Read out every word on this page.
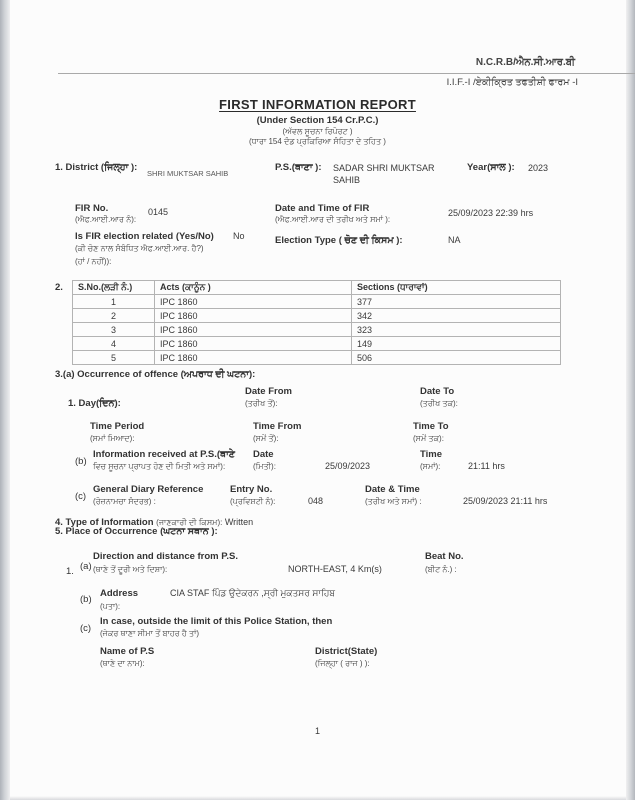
N.C.R.B/ਐਨ.ਸੀ.ਆਰ.ਬੀ
I.I.F.-I /ਏਕੀਕ੍ਰਿਤ ਤਫਤੀਸ਼ੀ ਫਾਰਮ -I
FIRST INFORMATION REPORT
(Under Section 154 Cr.P.C.)
(ਅੱਵਲ ਸੂਚਨਾ ਰਿਪੋਰਟ )
(ਧਾਰਾ 154 ਦੰਡ ਪ੍ਰਕਿਰਿਆ ਸੰਹਿਤਾ ਦੇ ਤਹਿਤ )
1. District (ਜਿਲ੍ਹਾ ):
SHRI MUKTSAR SAHIB
P.S.(ਥਾਣਾ ): SADAR SHRI MUKTSAR
SAHIB
Year(ਸਾਲ ): 2023
FIR No.
(ਐਫ.ਆਈ.ਆਰ ਨੰ):
0145	Date and Time of FIR
(ਐਫ.ਆਈ.ਆਰ ਦੀ ਤਰੀਖ ਅਤੇ ਸਮਾਂ ):
25/09/2023 22:39 hrs
Is FIR election related (Yes/No) No
(ਕੀ ਚੋਣ ਨਾਲ ਸੰਬੰਧਿਤ ਐਫ.ਆਈ.ਆਰ. ਹੈ?)
(ਹਾਂ / ਨਹੀਂ)):
Election Type ( ਚੋਣ ਦੀ ਕਿਸਮ ):	NA
2. S.No.(ਲੜੀ ਨੰ.)	Acts (ਕਾਨੂੰਨ )	Sections (ਧਾਰਾਵਾਂ)
1	IPC 1860	377
2	IPC 1860	342
3	IPC 1860	323
4	IPC 1860	149
5	IPC 1860	506
3.(a) Occurrence of offence (ਅਪਰਾਧ ਦੀ ਘਟਨਾ):
Date From	Date To
1. Day(ਦਿਨ):	(ਤਰੀਖ ਤੋਂ):	(ਤਰੀਖ ਤਕ):
Time Period	Time From	Time To
(ਸਮਾਂ ਮਿਆਦ):	(ਸਮੇਂ ਤੋਂ):	(ਸਮੇਂ ਤਕ):
(b)
Information received at P.S.(ਥਾਣੇ
ਵਿਚ ਸੂਚਨਾ ਪ੍ਰਾਪਤ ਹੋਣ ਦੀ ਮਿਤੀ ਅਤੇ ਸਮਾਂ):
Date
(ਮਿਤੀ):	25/09/2023
Time
(ਸਮਾਂ):	21:11 hrs
(c)
General Diary Reference
(ਰੋਜ਼ਨਾਮਚਾ ਸੰਦਰਭ) :
Entry No.
(ਪ੍ਰਵਿਸ਼ਟੀ ਨੰ):	048
Date & Time
(ਤਰੀਖ ਅਤੇ ਸਮਾਂ) :	25/09/2023 21:11 hrs
4. Type of Information (ਜਾਣਕਾਰੀ ਦੀ ਕਿਸਮ): Written
5. Place of Occurrence (ਘਟਨਾ ਸਥਾਨ ):
Direction and distance from P.S.	Beat No.
1. (a) (ਥਾਣੇ ਤੋਂ ਦੂਰੀ ਅਤੇ ਦਿਸ਼ਾ):	NORTH-EAST, 4 Km(s)	(ਬੀਟ ਨੰ.) :
(b)
Address	CIA STAF ਪਿੰਡ ਉਦੇਕਰਨ ,ਸ੍ਰੀ ਮੁਕਤਸਰ ਸਾਹਿਬ
(ਪਤਾ):
(c)
In case, outside the limit of this Police Station, then
(ਜੇਕਰ ਥਾਣਾ ਸੀਮਾ ਤੋਂ ਬਾਹਰ ਹੈ ਤਾਂ)
Name of P.S
(ਥਾਣੇ ਦਾ ਨਾਮ):
District(State)
(ਜਿਲ੍ਹਾ ( ਰਾਜ ) ):
1
